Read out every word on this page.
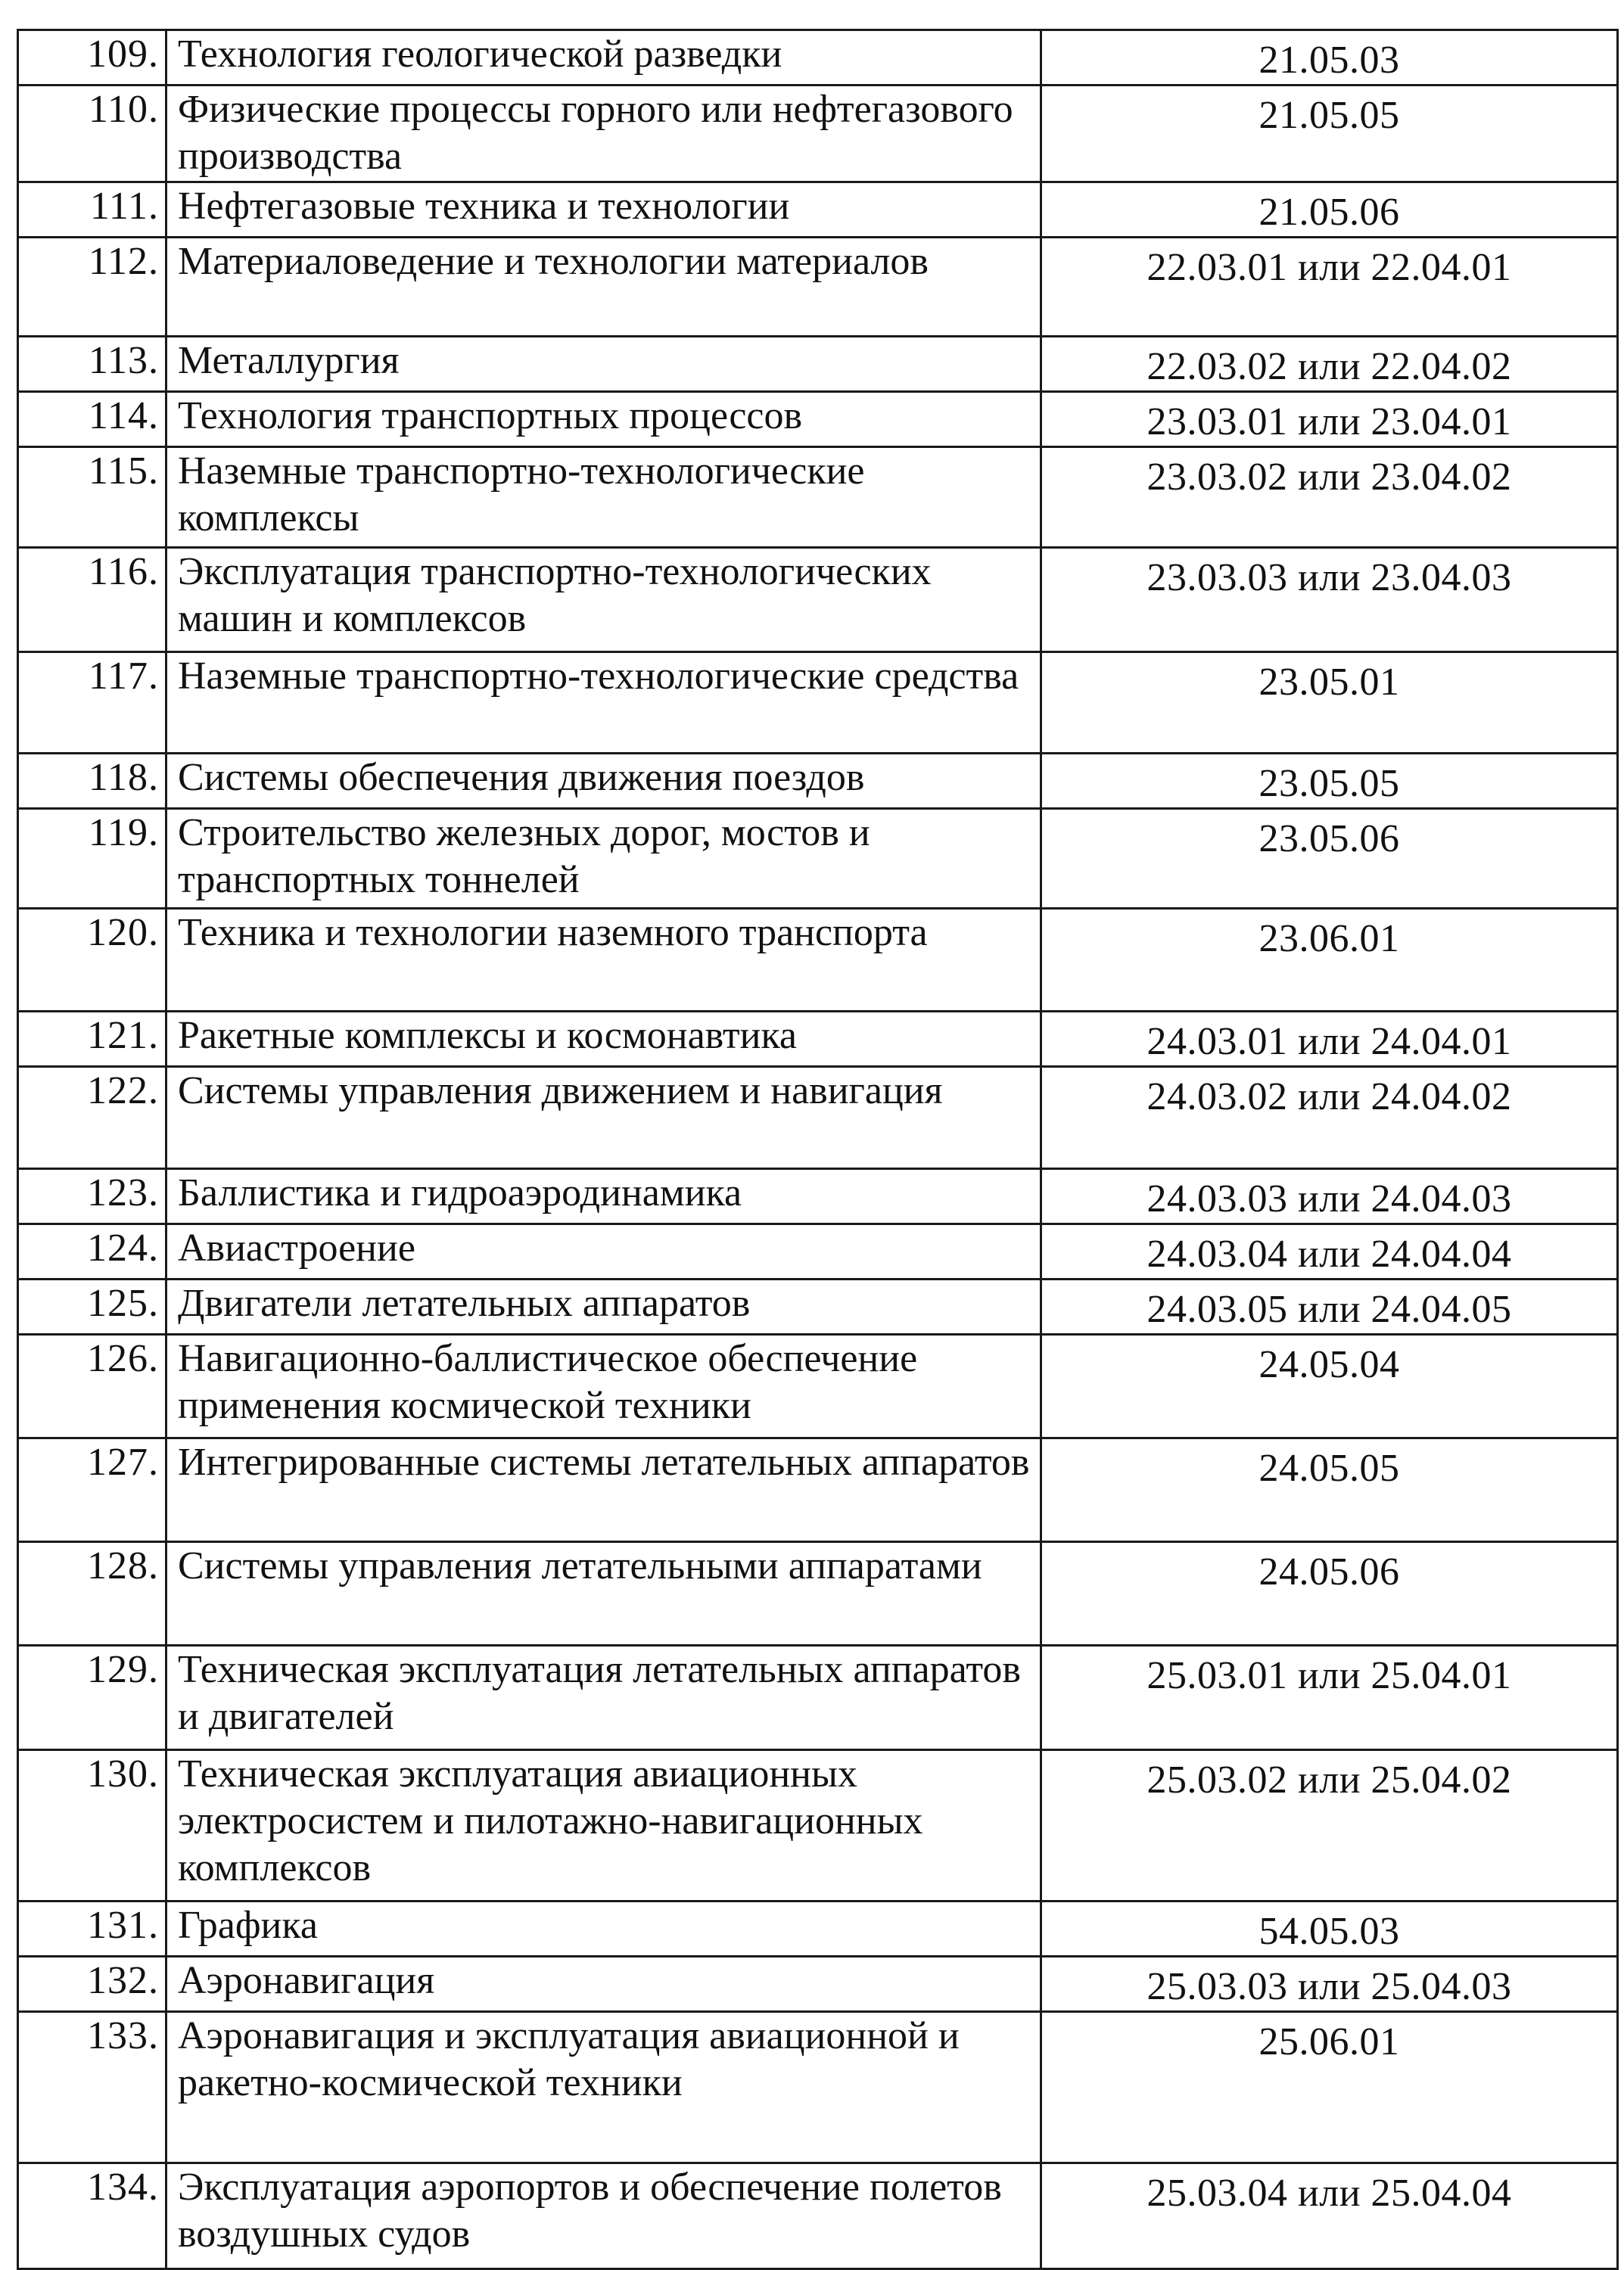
109.	Технология геологической разведки	21.05.03
110.	Физические процессы горного или нефтегазового производства	21.05.05
111.	Нефтегазовые техника и технологии	21.05.06
112.	Материаловедение и технологии материалов	22.03.01 или 22.04.01
113.	Металлургия	22.03.02 или 22.04.02
114.	Технология транспортных процессов	23.03.01 или 23.04.01
115.	Наземные транспортно-технологические комплексы	23.03.02 или 23.04.02
116.	Эксплуатация транспортно-технологических машин и комплексов	23.03.03 или 23.04.03
117.	Наземные транспортно-технологические средства	23.05.01
118.	Системы обеспечения движения поездов	23.05.05
119.	Строительство железных дорог, мостов и транспортных тоннелей	23.05.06
120.	Техника и технологии наземного транспорта	23.06.01
121.	Ракетные комплексы и космонавтика	24.03.01 или 24.04.01
122.	Системы управления движением и навигация	24.03.02 или 24.04.02
123.	Баллистика и гидроаэродинамика	24.03.03 или 24.04.03
124.	Авиастроение	24.03.04 или 24.04.04
125.	Двигатели летательных аппаратов	24.03.05 или 24.04.05
126.	Навигационно-баллистическое обеспечение применения космической техники	24.05.04
127.	Интегрированные системы летательных аппаратов	24.05.05
128.	Системы управления летательными аппаратами	24.05.06
129.	Техническая эксплуатация летательных аппаратов и двигателей	25.03.01 или 25.04.01
130.	Техническая эксплуатация авиационных электросистем и пилотажно-навигационных комплексов	25.03.02 или 25.04.02
131.	Графика	54.05.03
132.	Аэронавигация	25.03.03 или 25.04.03
133.	Аэронавигация и эксплуатация авиационной и ракетно-космической техники	25.06.01
134.	Эксплуатация аэропортов и обеспечение полетов воздушных судов	25.03.04 или 25.04.04
